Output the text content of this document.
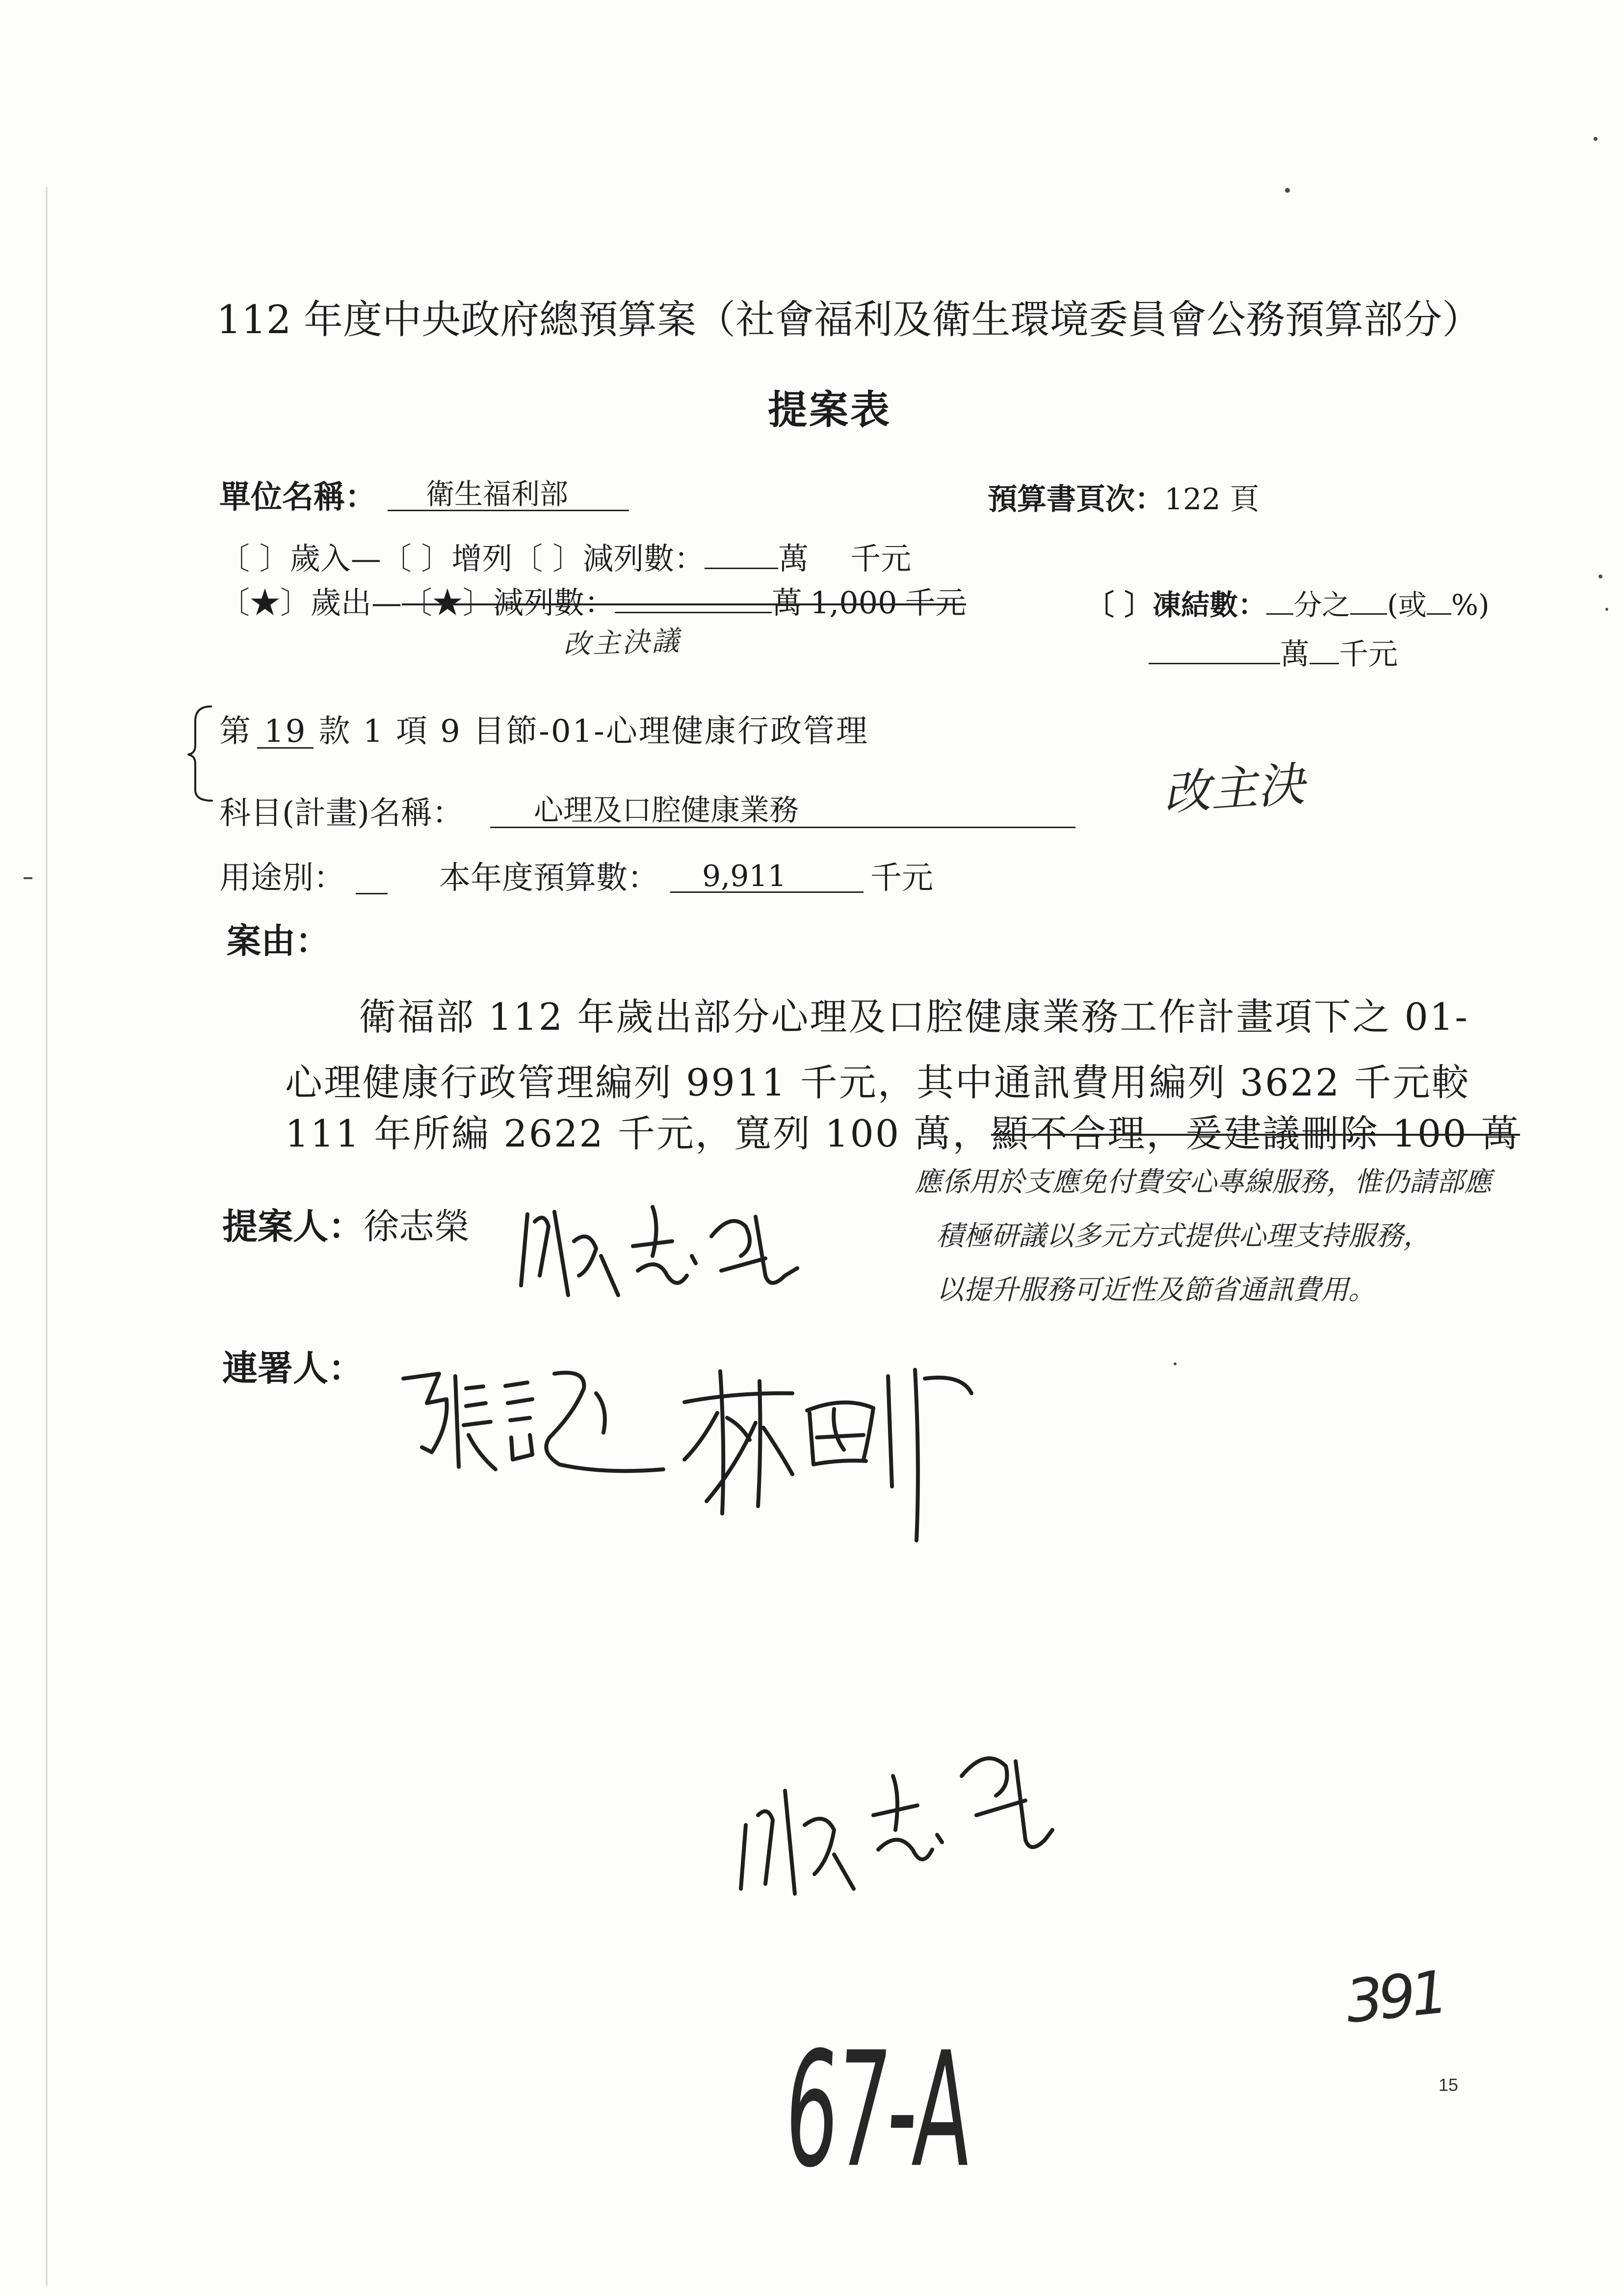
112 年度中央政府總預算案（社會福利及衛生環境委員會公務預算部分）
提案表
單位名稱：	衛生福利部	預算書頁次： 122 頁
〔 〕歲入—〔 〕增列〔 〕減列數： 萬 千元
〔★〕歲出— 〔★〕減列數：	萬 1,000 千元	〔 〕凍結數： 分之 (或 %)
改主決議	萬 千元
第 19 款 1 項 9 目節-01-心理健康行政管理
科目(計畫)名稱：	心理及口腔健康業務	改主決
用途別：	本年度預算數：	9,911	千元
案由：
衛福部 112 年歲出部分心理及口腔健康業務工作計畫項下之 01-
心理健康行政管理編列 9911 千元，其中通訊費用編列 3622 千元較
111 年所編 2622 千元，寬列 100 萬，顯不合理，爰建議刪除 100 萬
應係用於支應免付費安心專線服務，惟仍請部應
積極研議以多元方式提供心理支持服務，
以提升服務可近性及節省通訊費用。
提案人： 徐志榮
連署人：
391
67-A	15
